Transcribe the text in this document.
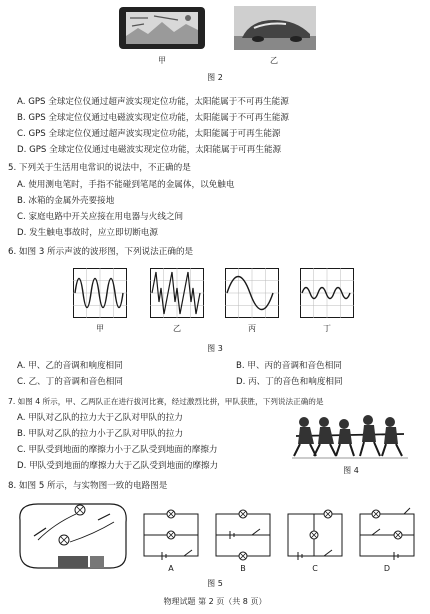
甲	乙
图 2
A. GPS 全球定位仪通过超声波实现定位功能，太阳能属于不可再生能源
B. GPS 全球定位仪通过电磁波实现定位功能，太阳能属于不可再生能源
C. GPS 全球定位仪通过超声波实现定位功能，太阳能属于可再生能源
D. GPS 全球定位仪通过电磁波实现定位功能，太阳能属于可再生能源
5. 下列关于生活用电常识的说法中，不正确的是
A. 使用测电笔时，手指不能碰到笔尾的金属体，以免触电
B. 冰箱的金属外壳要接地
C. 家庭电路中开关应接在用电器与火线之间
D. 发生触电事故时，应立即切断电源
6. 如图 3 所示声波的波形图，下列说法正确的是
甲	乙	丙	丁
图 3
A. 甲、乙的音调和响度相同	B. 甲、丙的音调和音色相同
C. 乙、丁的音调和音色相同	D. 丙、丁的音色和响度相同
7. 如图 4 所示，甲、乙两队正在进行拔河比赛，经过激烈比拼，甲队获胜，下列说法正确的是
A. 甲队对乙队的拉力大于乙队对甲队的拉力
B. 甲队对乙队的拉力小于乙队对甲队的拉力
C. 甲队受到地面的摩擦力小于乙队受到地面的摩擦力
D. 甲队受到地面的摩擦力大于乙队受到地面的摩擦力	图 4
8. 如图 5 所示，与实物图一致的电路图是
A	B	C	D
图 5
物理试题 第 2 页（共 8 页）
